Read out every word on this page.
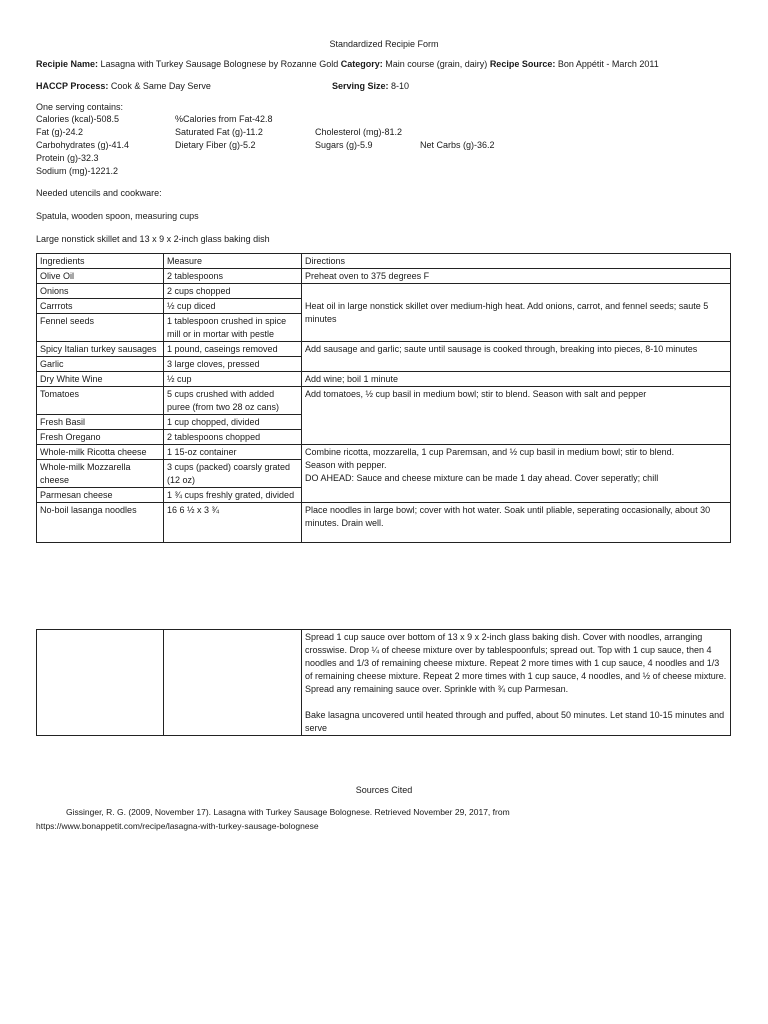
Standardized Recipie Form
Recipie Name: Lasagna with Turkey Sausage Bolognese by Rozanne Gold Category: Main course (grain, dairy) Recipe Source: Bon Appétit - March 2011
HACCP Process: Cook & Same Day Serve	Serving Size: 8-10
One serving contains:
Calories (kcal)-508.5	%Calories from Fat-42.8
Fat (g)-24.2	Saturated Fat (g)-11.2	Cholesterol (mg)-81.2
Carbohydrates (g)-41.4	Dietary Fiber (g)-5.2	Sugars (g)-5.9	Net Carbs (g)-36.2
Protein (g)-32.3
Sodium (mg)-1221.2
Needed utencils and cookware:
Spatula, wooden spoon, measuring cups
Large nonstick skillet and 13 x 9 x 2-inch glass baking dish
Ingredients	Measure	Directions
Olive Oil	2 tablespoons	Preheat oven to 375 degrees F
Onions	2 cups chopped	Heat oil in large nonstick skillet over medium-high heat. Add onions, carrot, and fennel seeds; saute 5 minutes
Carrrots	½ cup diced	
Fennel seeds	1 tablespoon crushed in spice mill or in mortar with pestle	
Spicy Italian turkey sausages	1 pound, caseings removed	Add sausage and garlic; saute until sausage is cooked through, breaking into pieces, 8-10 minutes
Garlic	3 large cloves, pressed	
Dry White Wine	½ cup	Add wine; boil 1 minute
Tomatoes	5 cups crushed with added puree (from two 28 oz cans)	Add tomatoes, ½ cup basil in medium bowl; stir to blend. Season with salt and pepper
Fresh Basil	1 cup chopped, divided	
Fresh Oregano	2 tablespoons chopped	
Whole-milk Ricotta cheese	1 15-oz container	Combine ricotta, mozzarella, 1 cup Paremsan, and ½ cup basil in medium bowl; stir to blend.
Season with pepper.
DO AHEAD: Sauce and cheese mixture can be made 1 day ahead. Cover seperatly; chill
Whole-milk Mozzarella cheese	3 cups (packed) coarsly grated (12 oz)	
Parmesan cheese	1 ¾ cups freshly grated, divided	
No-boil lasanga noodles	16 6 ½ x 3 ¾	Place noodles in large bowl; cover with hot water. Soak until pliable, seperating occasionally, about 30 minutes. Drain well.

Spread 1 cup sauce over bottom of 13 x 9 x 2-inch glass baking dish. Cover with noodles, arranging crosswise. Drop ¼ of cheese mixture over by tablespoonfuls; spread out. Top with 1 cup sauce, then 4 noodles and 1/3 of remaining cheese mixture. Repeat 2 more times with 1 cup sauce, 4 noodles and 1/3 of remaining cheese mixture. Repeat 2 more times with 1 cup sauce, 4 noodles, and ½ of cheese mixture. Spread any remaining sauce over. Sprinkle with ¾ cup Parmesan.
Bake lasagna uncovered until heated through and puffed, about 50 minutes. Let stand 10-15 minutes and serve
Sources Cited
Gissinger, R. G. (2009, November 17). Lasagna with Turkey Sausage Bolognese. Retrieved November 29, 2017, from
https://www.bonappetit.com/recipe/lasagna-with-turkey-sausage-bolognese
